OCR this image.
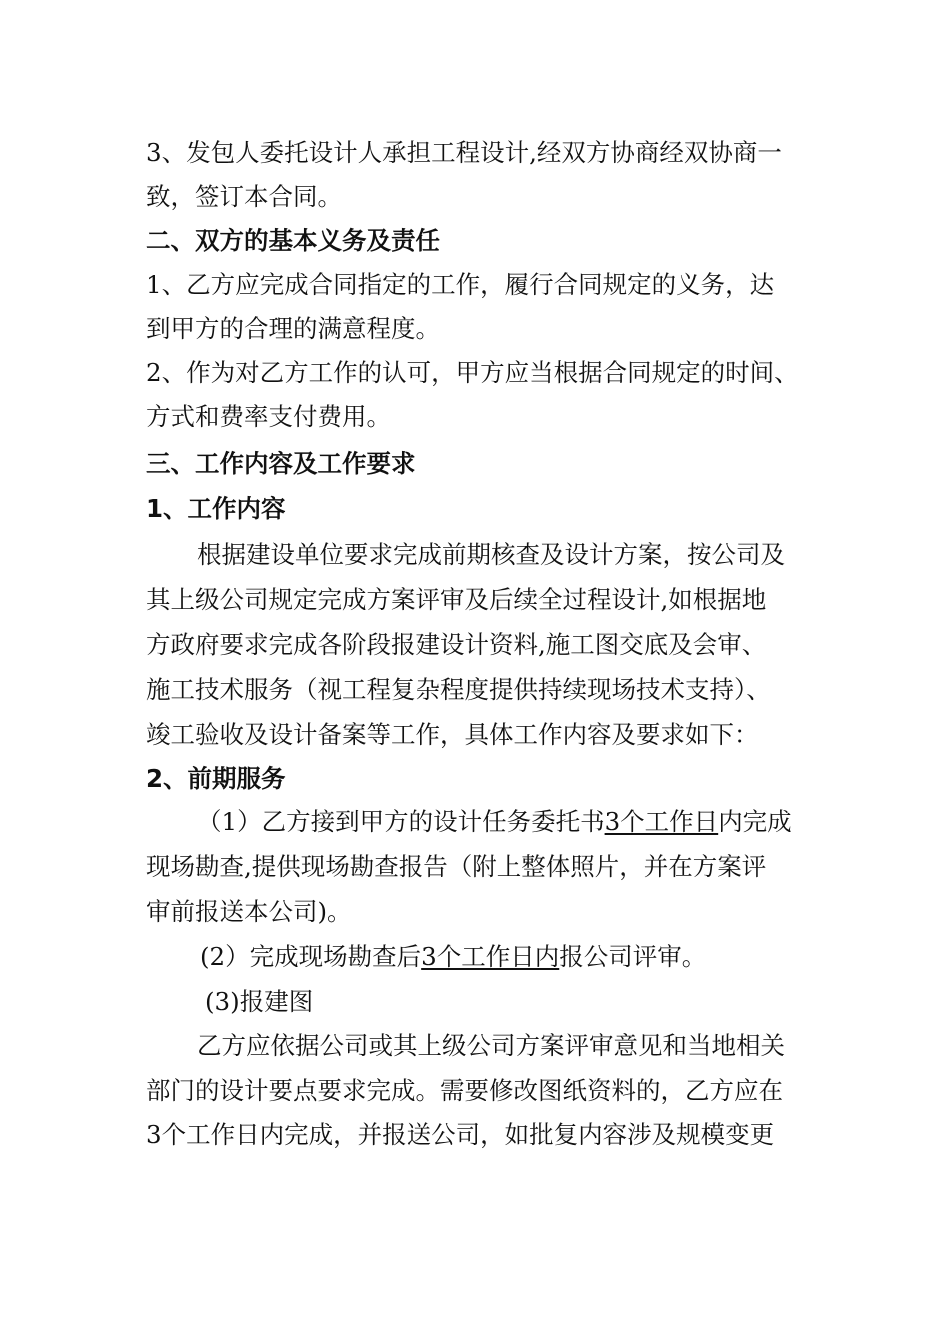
3、发包人委托设计人承担工程设计,经双方协商经双协商一
致，签订本合同。
二、双方的基本义务及责任
1、乙方应完成合同指定的工作，履行合同规定的义务，达
到甲方的合理的满意程度。
2、作为对乙方工作的认可，甲方应当根据合同规定的时间、
方式和费率支付费用。
三、工作内容及工作要求
1、工作内容
根据建设单位要求完成前期核查及设计方案，按公司及
其上级公司规定完成方案评审及后续全过程设计,如根据地
方政府要求完成各阶段报建设计资料,施工图交底及会审、
施工技术服务（视工程复杂程度提供持续现场技术支持）、
竣工验收及设计备案等工作，具体工作内容及要求如下：
2、前期服务
（1）乙方接到甲方的设计任务委托书3个工作日内完成
现场勘查,提供现场勘查报告（附上整体照片，并在方案评
审前报送本公司)。
(2）完成现场勘查后3个工作日内报公司评审。
(3)报建图
乙方应依据公司或其上级公司方案评审意见和当地相关
部门的设计要点要求完成。需要修改图纸资料的，乙方应在
3个工作日内完成，并报送公司，如批复内容涉及规模变更
